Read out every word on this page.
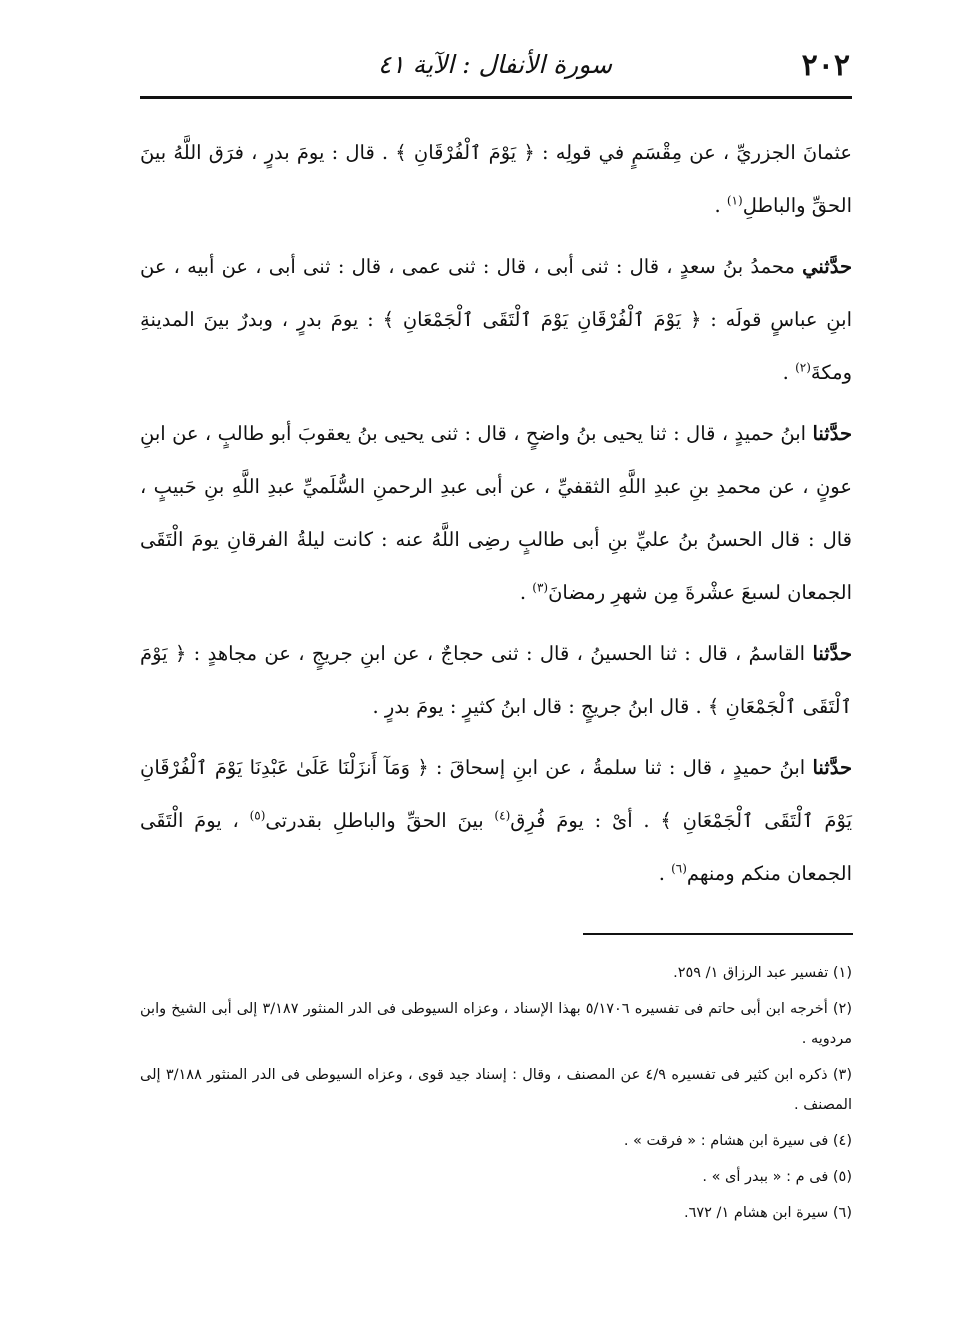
٢٠٢
سورة الأنفال : الآية ٤١

عثمانَ الجزريِّ ، عن مِقْسَمٍ في قولِه : ﴿ يَوْمَ ٱلْفُرْقَانِ ﴾ . قال : يومَ بدرٍ ، فرَق اللَّهُ بينَ الحقِّ والباطلِ$^{(١)}$ .

حدَّثني محمدُ بنُ سعدٍ ، قال : ثنى أبى ، قال : ثنى عمى ، قال : ثنى أبى ، عن أبيه ، عن ابنِ عباسٍ قولَه : ﴿ يَوْمَ ٱلْفُرْقَانِ يَوْمَ ٱلْتَقَى ٱلْجَمْعَانِ ﴾ : يومَ بدرٍ ، وبدرٌ بينَ المدينةِ ومكةَ$^{(٢)}$ .

حدَّثنا ابنُ حميدٍ ، قال : ثنا يحيى بنُ واضحٍ ، قال : ثنى يحيى بنُ يعقوبَ أبو طالبٍ ، عن ابنِ عونٍ ، عن محمدِ بنِ عبدِ اللَّهِ الثقفيِّ ، عن أبى عبدِ الرحمنِ السُّلَميِّ عبدِ اللَّهِ بنِ حَبيبٍ ، قال : قال الحسنُ بنُ عليِّ بنِ أبى طالبٍ رضِى اللَّهُ عنه : كانت ليلةُ الفرقانِ يومَ الْتَقَى الجمعان لسبعَ عشْرةَ مِن شهرِ رمضانَ$^{(٣)}$ .

حدَّثنا القاسمُ ، قال : ثنا الحسينُ ، قال : ثنى حجاجٌ ، عن ابنِ جريجٍ ، عن مجاهدٍ : ﴿ يَوْمَ ٱلْتَقَى ٱلْجَمْعَانِ ﴾ . قال ابنُ جريجٍ : قال ابنُ كثيرٍ : يومَ بدرٍ .

حدَّثنا ابنُ حميدٍ ، قال : ثنا سلمةُ ، عن ابنِ إسحاقَ : ﴿ وَمَآ أَنزَلْنَا عَلَىٰ عَبْدِنَا يَوْمَ ٱلْفُرْقَانِ يَوْمَ ٱلْتَقَى ٱلْجَمْعَانِ ﴾ . أىْ : يومَ فُرِق$^{(٤)}$ بينَ الحقِّ والباطلِ بقدرتى$^{(٥)}$ ، يومَ الْتَقَى الجمعان منكم ومنهم$^{(٦)}$ .

(١) تفسير عبد الرزاق ١/ ٢٥٩.

(٢) أخرجه ابن أبى حاتم فى تفسيره ٥/١٧٠٦ بهذا الإسناد ، وعزاه السيوطى فى الدر المنثور ٣/١٨٧ إلى أبى الشيخ وابن مردويه .

(٣) ذكره ابن كثير فى تفسيره ٤/٩ عن المصنف ، وقال : إسناد جيد قوى ، وعزاه السيوطى فى الدر المنثور ٣/١٨٨ إلى المصنف .

(٤) فى سيرة ابن هشام : « فرقت » .

(٥) فى م : « ببدر أى » .

(٦) سيرة ابن هشام ١/ ٦٧٢.
